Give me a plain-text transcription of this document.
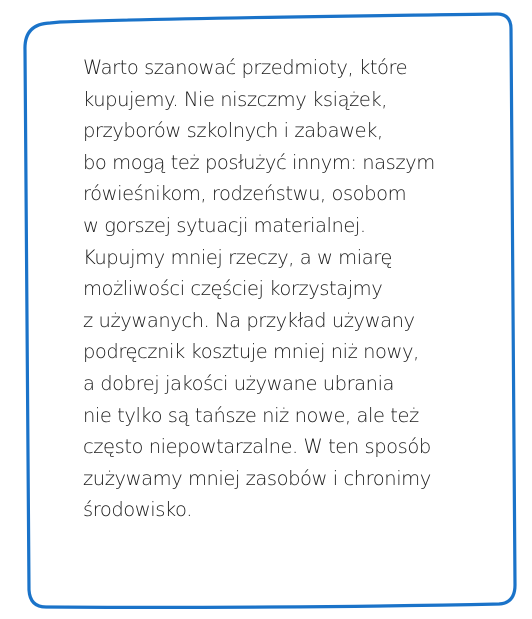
Warto szanować przedmioty, które
kupujemy. Nie niszczmy książek,
przyborów szkolnych i zabawek,
bo mogą też posłużyć innym: naszym
rówieśnikom, rodzeństwu, osobom
w gorszej sytuacji materialnej.
Kupujmy mniej rzeczy, a w miarę
możliwości częściej korzystajmy
z używanych. Na przykład używany
podręcznik kosztuje mniej niż nowy,
a dobrej jakości używane ubrania
nie tylko są tańsze niż nowe, ale też
często niepowtarzalne. W ten sposób
zużywamy mniej zasobów i chronimy
środowisko.
